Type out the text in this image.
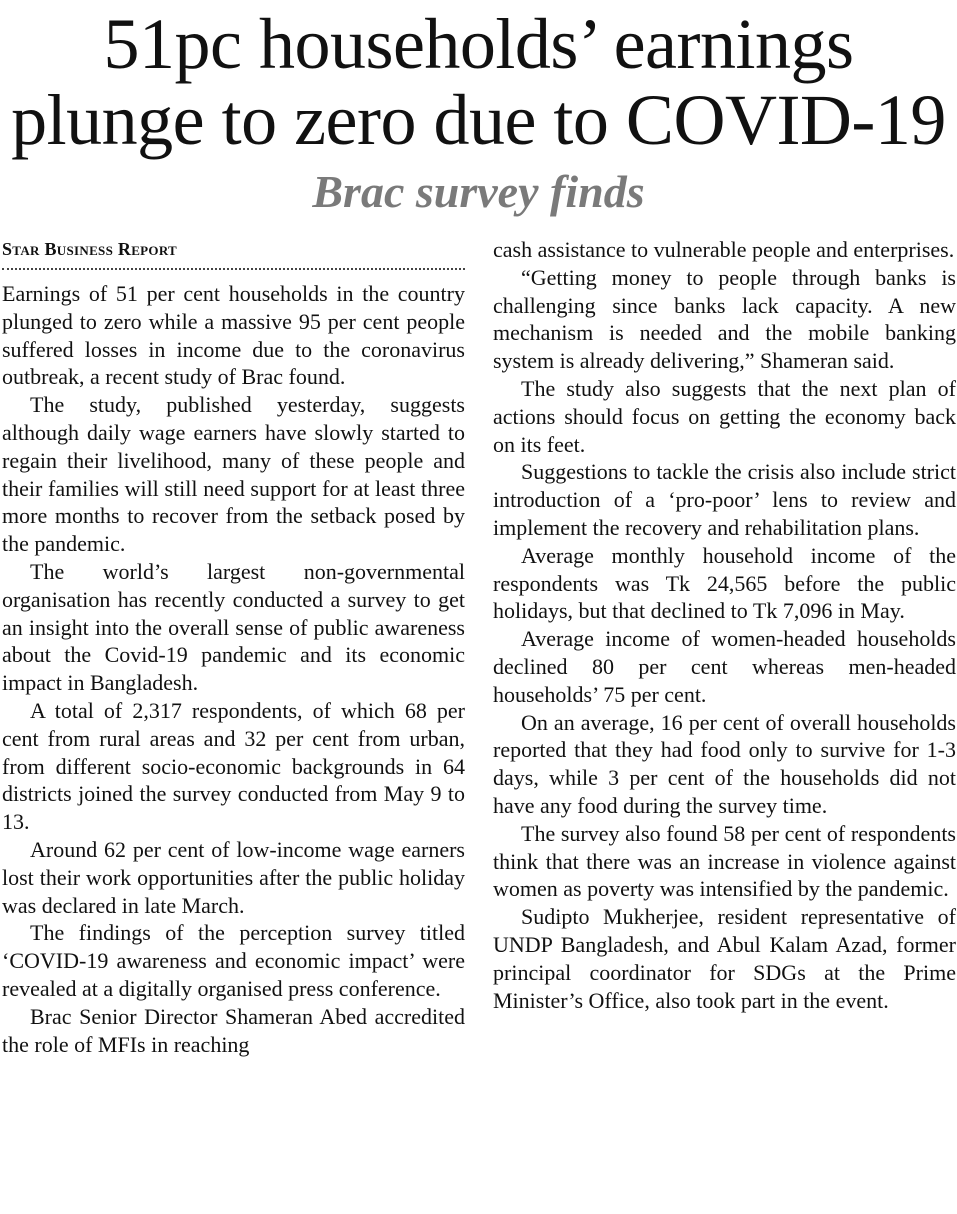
51pc households’ earnings
plunge to zero due to COVID-19
Brac survey finds
Star Business Report

Earnings of 51 per cent households in the country plunged to zero while a massive 95 per cent people suffered losses in income due to the coronavirus outbreak, a recent study of Brac found.

The study, published yesterday, suggests although daily wage earners have slowly started to regain their livelihood, many of these people and their families will still need support for at least three more months to recover from the setback posed by the pandemic.

The world’s largest non-governmental organisation has recently conducted a survey to get an insight into the overall sense of public awareness about the Covid-19 pandemic and its economic impact in Bangladesh.

A total of 2,317 respondents, of which 68 per cent from rural areas and 32 per cent from urban, from different socio-economic backgrounds in 64 districts joined the survey conducted from May 9 to 13.

Around 62 per cent of low-income wage earners lost their work opportunities after the public holiday was declared in late March.

The findings of the perception survey titled ‘COVID-19 awareness and economic impact’ were revealed at a digitally organised press conference.

Brac Senior Director Shameran Abed accredited the role of MFIs in reaching

cash assistance to vulnerable people and enterprises.

“Getting money to people through banks is challenging since banks lack capacity. A new mechanism is needed and the mobile banking system is already delivering,” Shameran said.

The study also suggests that the next plan of actions should focus on getting the economy back on its feet.

Suggestions to tackle the crisis also include strict introduction of a ‘pro-poor’ lens to review and implement the recovery and rehabilitation plans.

Average monthly household income of the respondents was Tk 24,565 before the public holidays, but that declined to Tk 7,096 in May.

Average income of women-headed households declined 80 per cent whereas men-headed households’ 75 per cent.

On an average, 16 per cent of overall households reported that they had food only to survive for 1-3 days, while 3 per cent of the households did not have any food during the survey time.

The survey also found 58 per cent of respondents think that there was an increase in violence against women as poverty was intensified by the pandemic.

Sudipto Mukherjee, resident representative of UNDP Bangladesh, and Abul Kalam Azad, former principal coordinator for SDGs at the Prime Minister’s Office, also took part in the event.
